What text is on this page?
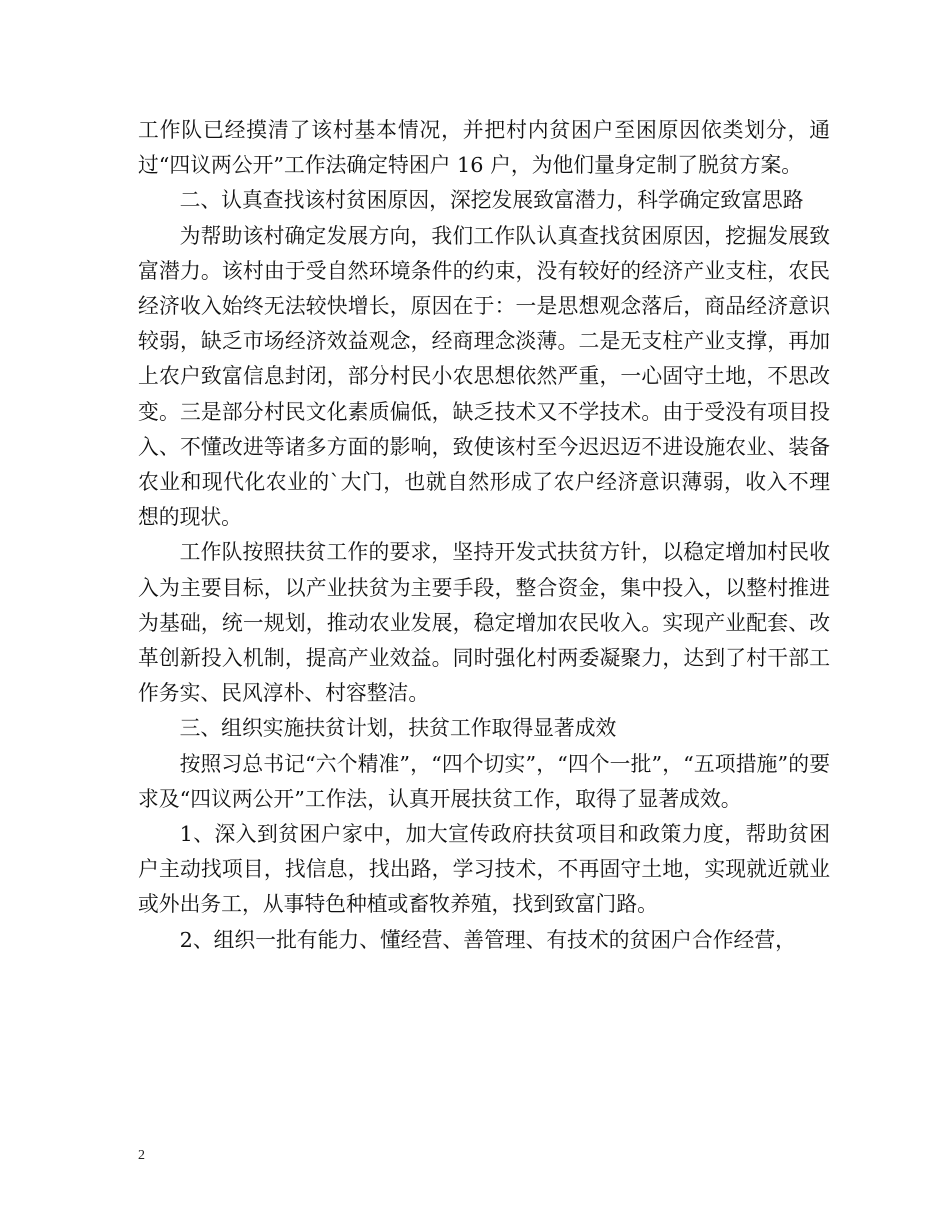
工作队已经摸清了该村基本情况，并把村内贫困户至困原因依类划分，通过“四议两公开”工作法确定特困户 16 户，为他们量身定制了脱贫方案。

二、认真查找该村贫困原因，深挖发展致富潜力，科学确定致富思路

为帮助该村确定发展方向，我们工作队认真查找贫困原因，挖掘发展致富潜力。该村由于受自然环境条件的约束，没有较好的经济产业支柱，农民经济收入始终无法较快增长，原因在于：一是思想观念落后，商品经济意识较弱，缺乏市场经济效益观念，经商理念淡薄。二是无支柱产业支撑，再加上农户致富信息封闭，部分村民小农思想依然严重，一心固守土地，不思改变。三是部分村民文化素质偏低，缺乏技术又不学技术。由于受没有项目投入、不懂改进等诸多方面的影响，致使该村至今迟迟迈不进设施农业、装备农业和现代化农业的`大门，也就自然形成了农户经济意识薄弱，收入不理想的现状。

工作队按照扶贫工作的要求，坚持开发式扶贫方针，以稳定增加村民收入为主要目标，以产业扶贫为主要手段，整合资金，集中投入，以整村推进为基础，统一规划，推动农业发展，稳定增加农民收入。实现产业配套、改革创新投入机制，提高产业效益。同时强化村两委凝聚力，达到了村干部工作务实、民风淳朴、村容整洁。

三、组织实施扶贫计划，扶贫工作取得显著成效

按照习总书记“六个精准”，“四个切实”，“四个一批”，“五项措施”的要求及“四议两公开”工作法，认真开展扶贫工作，取得了显著成效。

1、深入到贫困户家中，加大宣传政府扶贫项目和政策力度，帮助贫困户主动找项目，找信息，找出路，学习技术，不再固守土地，实现就近就业或外出务工，从事特色种植或畜牧养殖，找到致富门路。

2、组织一批有能力、懂经营、善管理、有技术的贫困户合作经营，

2
